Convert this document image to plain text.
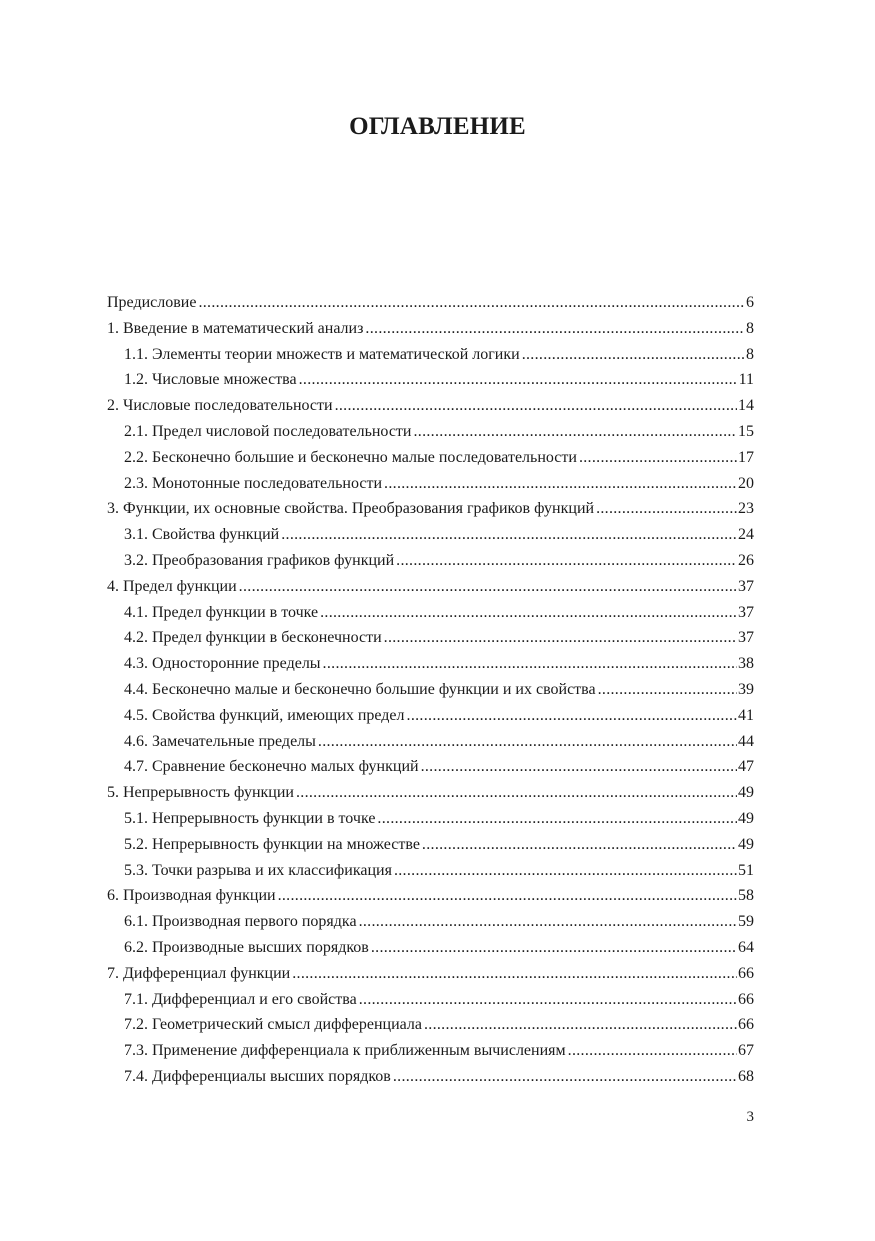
ОГЛАВЛЕНИЕ
Предисловие .....	6
1. Введение в математический анализ .....	8
1.1. Элементы теории множеств и математической логики .....	8
1.2. Числовые множества .....	11
2. Числовые последовательности .....	14
2.1. Предел числовой последовательности .....	15
2.2. Бесконечно большие и бесконечно малые последовательности .....	17
2.3. Монотонные последовательности .....	20
3. Функции, их основные свойства. Преобразования графиков функций .....	23
3.1. Свойства функций .....	24
3.2. Преобразования графиков функций .....	26
4. Предел функции .....	37
4.1. Предел функции в точке .....	37
4.2. Предел функции в бесконечности .....	37
4.3. Односторонние пределы .....	38
4.4. Бесконечно малые и бесконечно большие функции и их свойства .....	39
4.5. Свойства функций, имеющих предел .....	41
4.6. Замечательные пределы .....	44
4.7. Сравнение бесконечно малых функций .....	47
5. Непрерывность функции .....	49
5.1. Непрерывность функции в точке .....	49
5.2. Непрерывность функции на множестве .....	49
5.3. Точки разрыва и их классификация .....	51
6. Производная функции .....	58
6.1. Производная первого порядка .....	59
6.2. Производные высших порядков .....	64
7. Дифференциал функции .....	66
7.1. Дифференциал и его свойства .....	66
7.2. Геометрический смысл дифференциала .....	66
7.3. Применение дифференциала к приближенным вычислениям .....	67
7.4. Дифференциалы высших порядков .....	68
3
